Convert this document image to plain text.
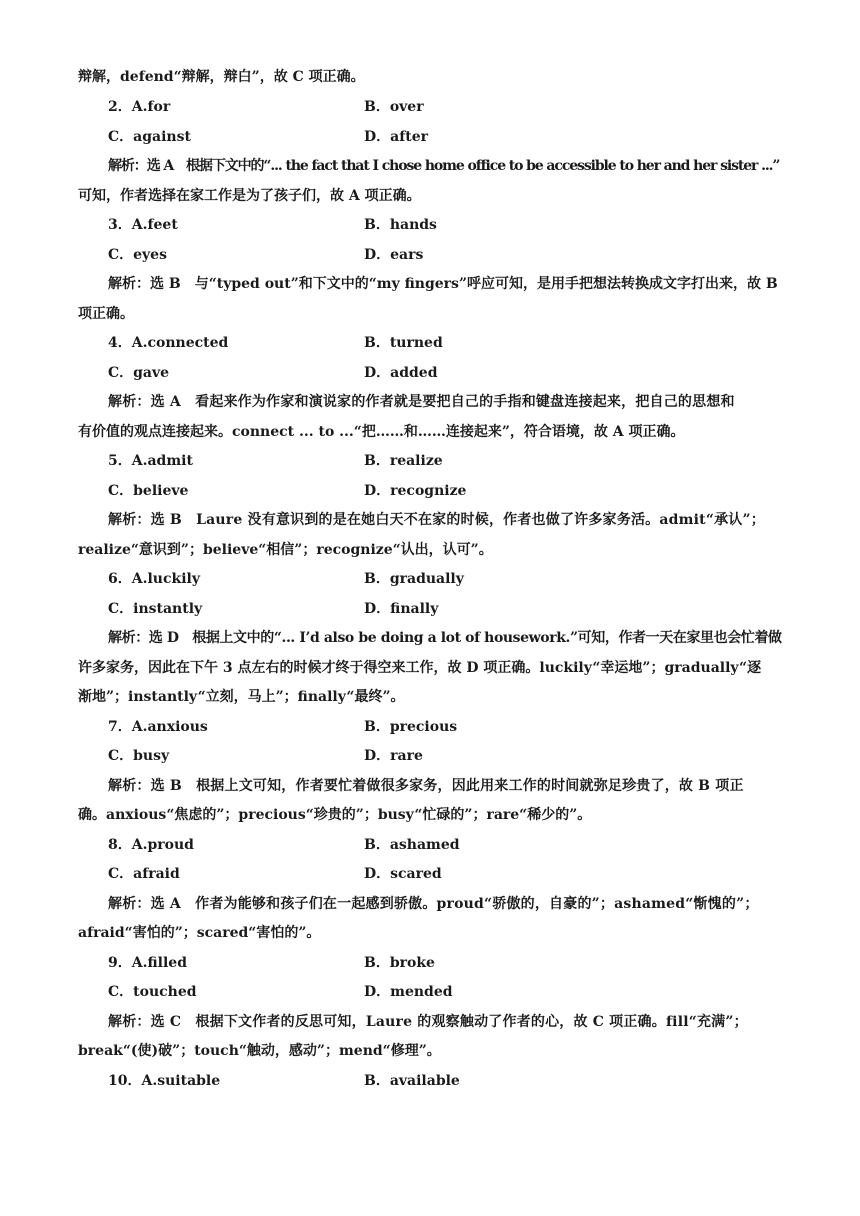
辩解，defend“辩解，辩白”，故 C 项正确。
2．A.for	B．over
C．against	D．after
解析：选 A　根据下文中的“... the fact that I chose home office to be accessible to her and her sister ...”
可知，作者选择在家工作是为了孩子们，故 A 项正确。
3．A.feet	B．hands
C．eyes	D．ears
解析：选 B　与“typed out”和下文中的“my fingers”呼应可知，是用手把想法转换成文字打出来，故 B
项正确。
4．A.connected	B．turned
C．gave	D．added
解析：选 A　看起来作为作家和演说家的作者就是要把自己的手指和键盘连接起来，把自己的思想和
有价值的观点连接起来。connect ... to ...“把……和……连接起来”，符合语境，故 A 项正确。
5．A.admit	B．realize
C．believe	D．recognize
解析：选 B　Laure 没有意识到的是在她白天不在家的时候，作者也做了许多家务活。admit“承认”；
realize“意识到”；believe“相信”；recognize“认出，认可”。
6．A.luckily	B．gradually
C．instantly	D．finally
解析：选 D　根据上文中的“... I’d also be doing a lot of housework.”可知，作者一天在家里也会忙着做
许多家务，因此在下午 3 点左右的时候才终于得空来工作，故 D 项正确。luckily“幸运地”；gradually“逐
渐地”；instantly“立刻，马上”；finally“最终”。
7．A.anxious	B．precious
C．busy	D．rare
解析：选 B　根据上文可知，作者要忙着做很多家务，因此用来工作的时间就弥足珍贵了，故 B 项正
确。anxious“焦虑的”；precious“珍贵的”；busy“忙碌的”；rare“稀少的”。
8．A.proud	B．ashamed
C．afraid	D．scared
解析：选 A　作者为能够和孩子们在一起感到骄傲。proud“骄傲的，自豪的”；ashamed“惭愧的”；
afraid“害怕的”；scared“害怕的”。
9．A.filled	B．broke
C．touched	D．mended
解析：选 C　根据下文作者的反思可知，Laure 的观察触动了作者的心，故 C 项正确。fill“充满”；
break“(使)破”；touch“触动，感动”；mend“修理”。
10．A.suitable	B．available
